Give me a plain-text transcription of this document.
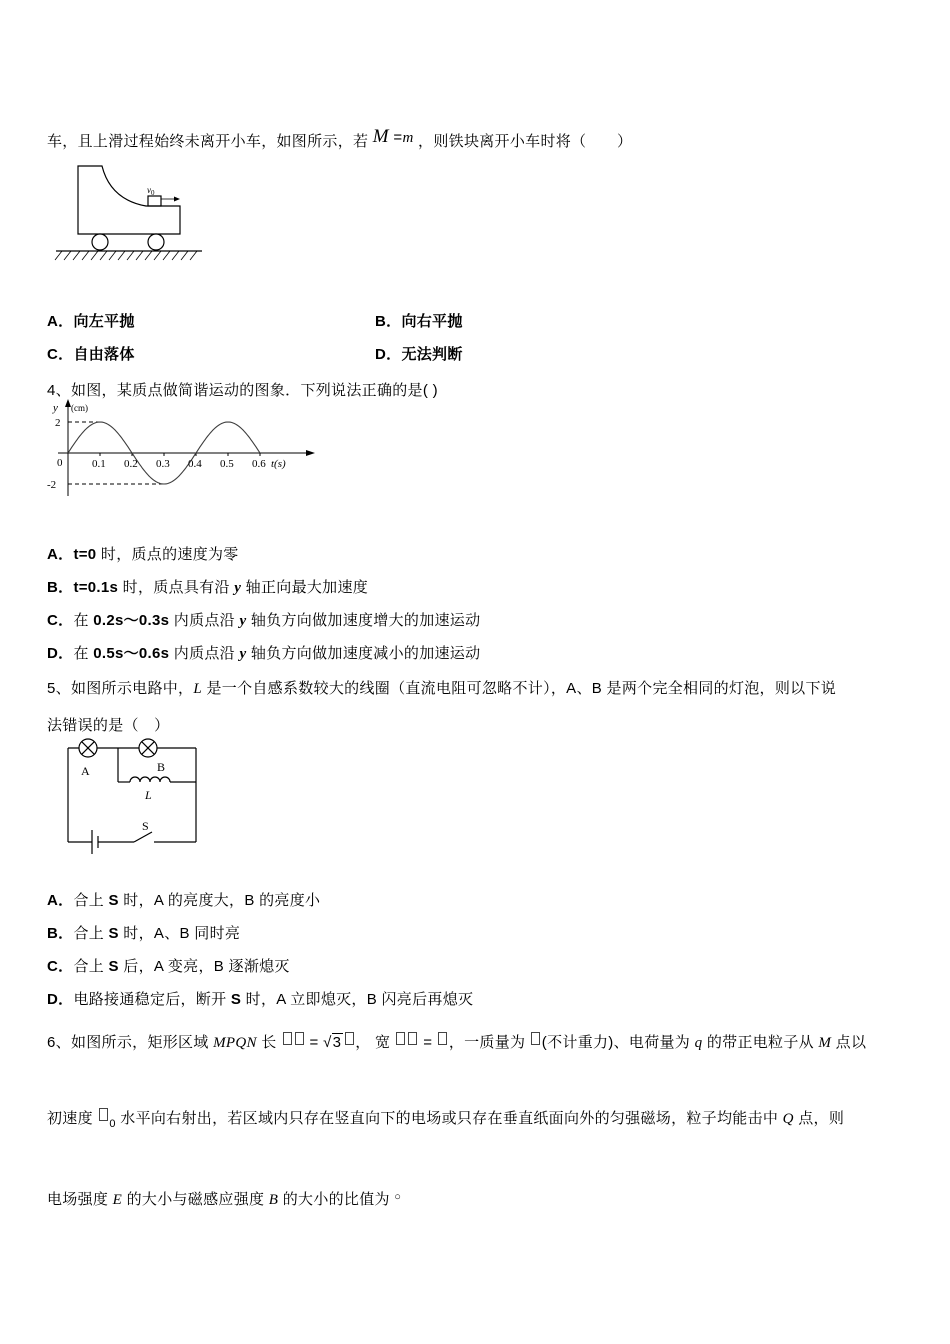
车，且上滑过程始终未离开小车，如图所示，若 M =m ，则铁块离开小车时将（　　）

$v_0$

A．向左平抛	B．向右平抛

C．自由落体	D．无法判断

4、如图，某质点做简谐运动的图象．下列说法正确的是( )

y (cm)
2
-2
0	0.1 0.2 0.3 0.4 0.5 0.6 t(s)

A．t=0 时，质点的速度为零

B．t=0.1s 时，质点具有沿 y 轴正向最大加速度

C．在 0.2s～0.3s 内质点沿 y 轴负方向做加速度增大的加速运动

D．在 0.5s～0.6s 内质点沿 y 轴负方向做加速度减小的加速运动

5、如图所示电路中，L 是一个自感系数较大的线圈（直流电阻可忽略不计），A、B 是两个完全相同的灯泡，则以下说

法错误的是（　）

A	B
L
S

A．合上 S 时，A 的亮度大，B 的亮度小

B．合上 S 时，A、B 同时亮

C．合上 S 后，A 变亮，B 逐渐熄灭

D．电路接通稳定后，断开 S 时，A 立即熄灭，B 闪亮后再熄灭

6、如图所示，矩形区域 MPQN 长  = √3 ， 宽  = ，一质量为 (不计重力)、电荷量为 q 的带正电粒子从 M 点以

初速度 $_0$ 水平向右射出，若区域内只存在竖直向下的电场或只存在垂直纸面向外的匀强磁场，粒子均能击中 Q 点，则

电场强度 E 的大小与磁感应强度 B 的大小的比值为 ○
